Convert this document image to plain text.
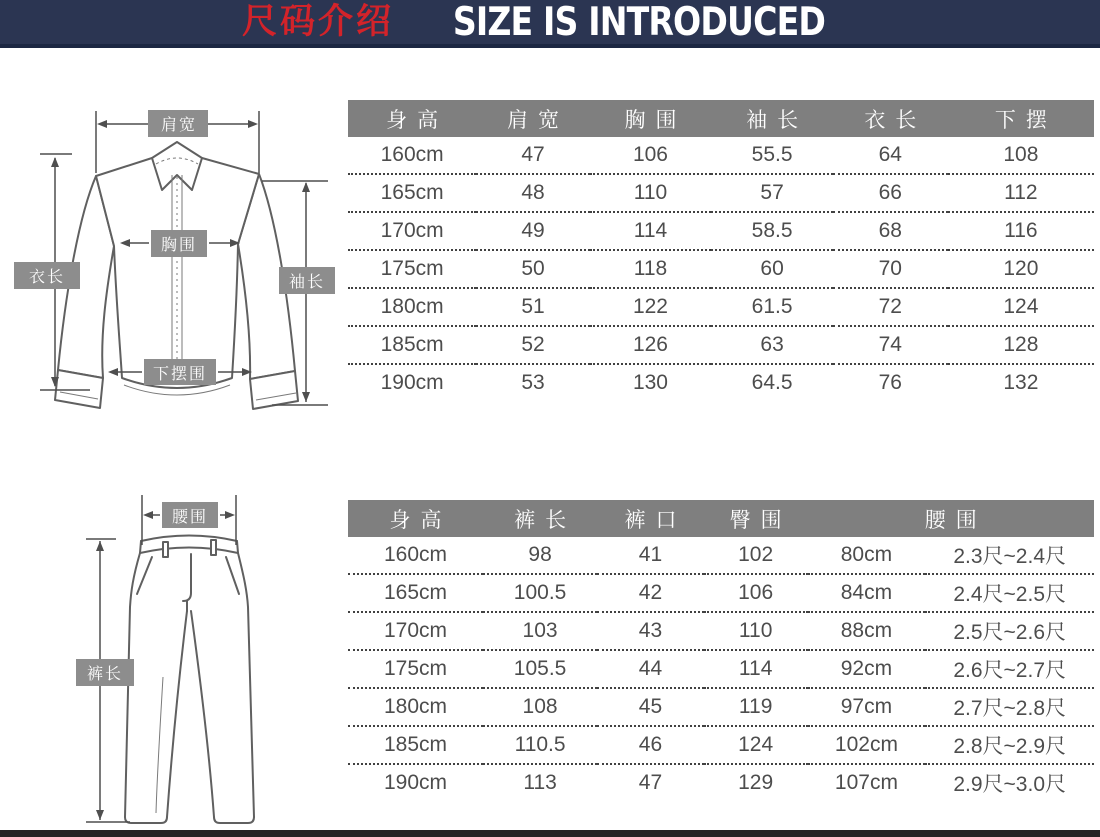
尺码介绍 SIZE IS INTRODUCED
肩宽
胸围
衣长	袖长
下摆围
身高	肩宽	胸围	袖长	衣长	下摆
160cm	47	106	55.5	64	108
165cm	48	110	57	66	112
170cm	49	114	58.5	68	116
175cm	50	118	60	70	120
180cm	51	122	61.5	72	124
185cm	52	126	63	74	128
190cm	53	130	64.5	76	132
腰围
裤长
身高	裤长	裤口	臀围	腰围	
160cm	98	41	102	80cm	2.3尺~2.4尺
165cm	100.5	42	106	84cm	2.4尺~2.5尺
170cm	103	43	110	88cm	2.5尺~2.6尺
175cm	105.5	44	114	92cm	2.6尺~2.7尺
180cm	108	45	119	97cm	2.7尺~2.8尺
185cm	110.5	46	124	102cm	2.8尺~2.9尺
190cm	113	47	129	107cm	2.9尺~3.0尺
